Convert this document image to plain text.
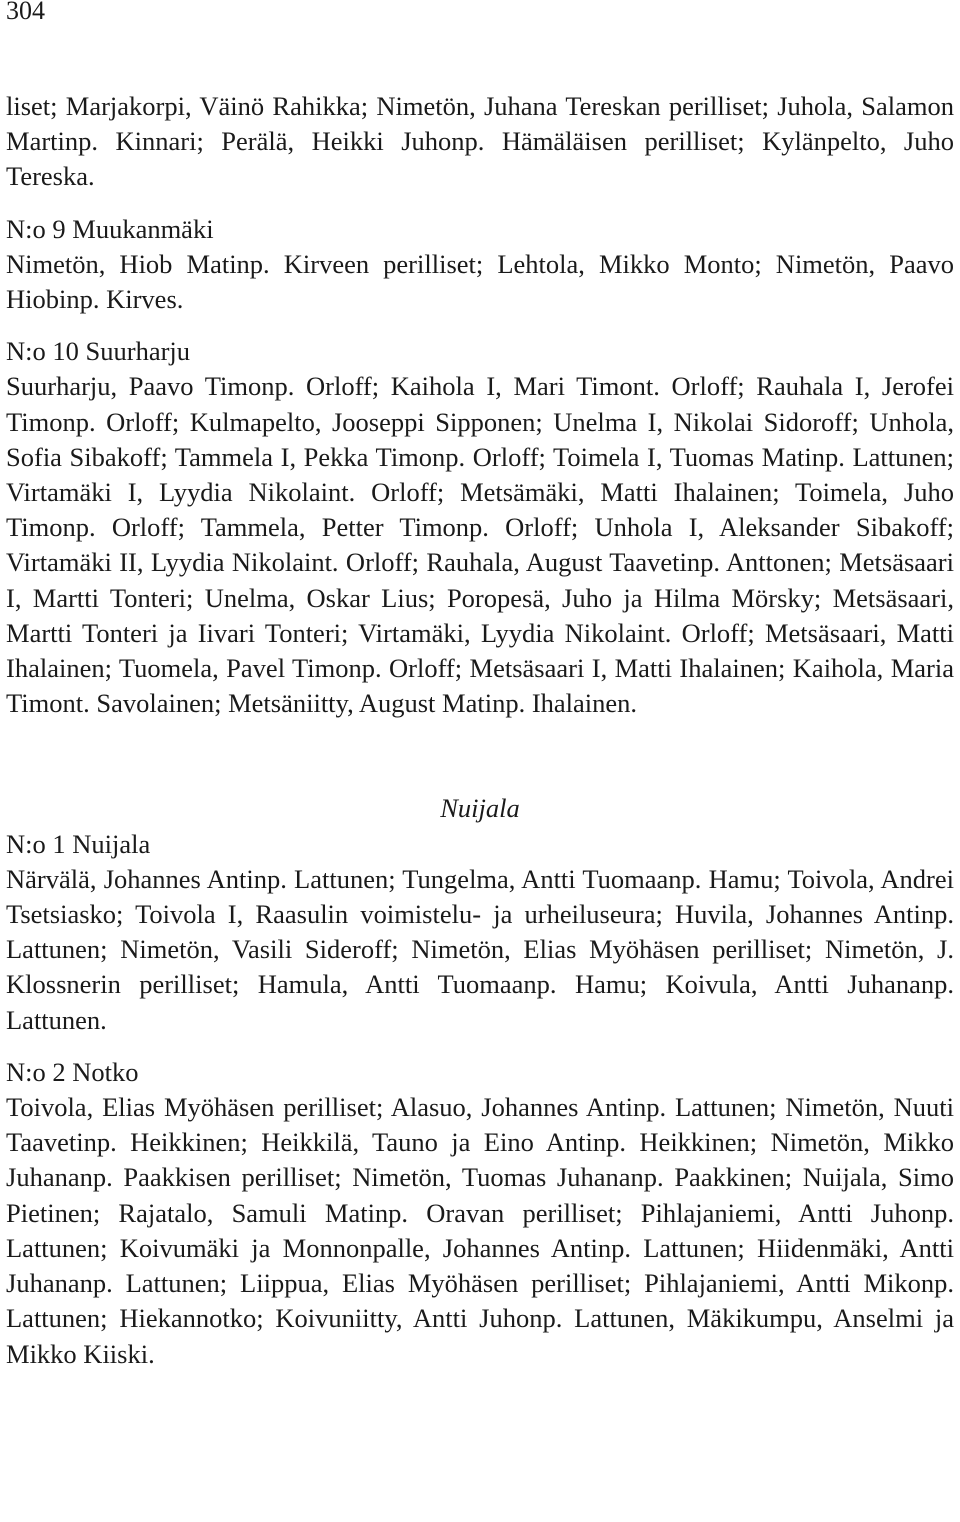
304

liset; Marjakorpi, Väinö Rahikka; Nimetön, Juhana Tereskan perilliset; Juhola, Salamon Martinp. Kinnari; Perälä, Heikki Juhonp. Hämäläisen perilliset; Kylänpelto, Juho Tereska.

N:o 9 Muukanmäki

Nimetön, Hiob Matinp. Kirveen perilliset; Lehtola, Mikko Monto; Nimetön, Paavo Hiobinp. Kirves.

N:o 10 Suurharju

Suurharju, Paavo Timonp. Orloff; Kaihola I, Mari Timont. Orloff; Rauhala I, Jerofei Timonp. Orloff; Kulmapelto, Jooseppi Sipponen; Unelma I, Nikolai Sidoroff; Unhola, Sofia Sibakoff; Tammela I, Pekka Timonp. Orloff; Toimela I, Tuomas Matinp. Lattunen; Virtamäki I, Lyydia Nikolaint. Orloff; Metsämäki, Matti Ihalainen; Toimela, Juho Timonp. Orloff; Tammela, Petter Timonp. Orloff; Unhola I, Aleksander Sibakoff; Virtamäki II, Lyydia Nikolaint. Orloff; Rauhala, August Taavetinp. Anttonen; Metsäsaari I, Martti Tonteri; Unelma, Oskar Lius; Poropesä, Juho ja Hilma Mörsky; Metsäsaari, Martti Tonteri ja Iivari Tonteri; Virtamäki, Lyydia Nikolaint. Orloff; Metsäsaari, Matti Ihalainen; Tuomela, Pavel Timonp. Orloff; Metsäsaari I, Matti Ihalainen; Kaihola, Maria Timont. Savolainen; Metsäniitty, August Matinp. Ihalainen.

Nuijala

N:o 1 Nuijala

Närvälä, Johannes Antinp. Lattunen; Tungelma, Antti Tuomaanp. Hamu; Toivola, Andrei Tsetsiasko; Toivola I, Raasulin voimistelu- ja urheiluseura; Huvila, Johannes Antinp. Lattunen; Nimetön, Vasili Sideroff; Nimetön, Elias Myöhäsen perilliset; Nimetön, J. Klossnerin perilliset; Hamula, Antti Tuomaanp. Hamu; Koivula, Antti Juhananp. Lattunen.

N:o 2 Notko

Toivola, Elias Myöhäsen perilliset; Alasuo, Johannes Antinp. Lattunen; Nimetön, Nuuti Taavetinp. Heikkinen; Heikkilä, Tauno ja Eino Antinp. Heikkinen; Nimetön, Mikko Juhananp. Paakkisen perilliset; Nimetön, Tuomas Juhananp. Paakkinen; Nuijala, Simo Pietinen; Rajatalo, Samuli Matinp. Oravan perilliset; Pihlajaniemi, Antti Juhonp. Lattunen; Koivumäki ja Monnonpalle, Johannes Antinp. Lattunen; Hiidenmäki, Antti Juhananp. Lattunen; Liippua, Elias Myöhäsen perilliset; Pihlajaniemi, Antti Mikonp. Lattunen; Hiekannotko; Koivuniitty, Antti Juhonp. Lattunen, Mäkikumpu, Anselmi ja Mikko Kiiski.
